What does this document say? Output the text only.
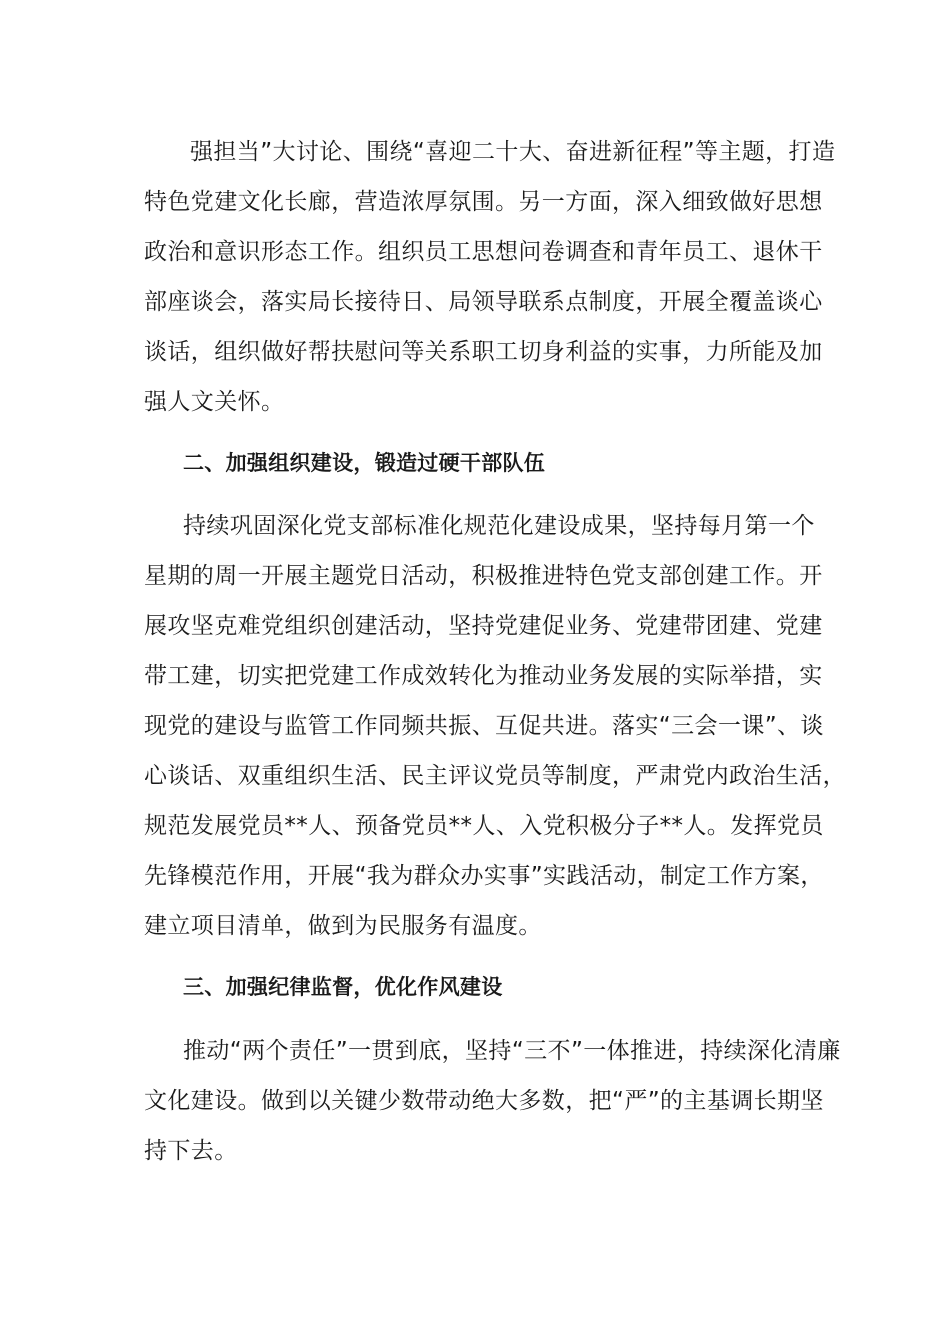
强担当”大讨论、围绕“喜迎二十大、奋进新征程”等主题，打造
特色党建文化长廊，营造浓厚氛围。另一方面，深入细致做好思想
政治和意识形态工作。组织员工思想问卷调查和青年员工、退休干
部座谈会，落实局长接待日、局领导联系点制度，开展全覆盖谈心
谈话，组织做好帮扶慰问等关系职工切身利益的实事，力所能及加
强人文关怀。
二、加强组织建设，锻造过硬干部队伍
持续巩固深化党支部标准化规范化建设成果，坚持每月第一个
星期的周一开展主题党日活动，积极推进特色党支部创建工作。开
展攻坚克难党组织创建活动，坚持党建促业务、党建带团建、党建
带工建，切实把党建工作成效转化为推动业务发展的实际举措，实
现党的建设与监管工作同频共振、互促共进。落实“三会一课”、谈
心谈话、双重组织生活、民主评议党员等制度，严肃党内政治生活，
规范发展党员**人、预备党员**人、入党积极分子**人。发挥党员
先锋模范作用，开展“我为群众办实事”实践活动，制定工作方案，
建立项目清单，做到为民服务有温度。
三、加强纪律监督，优化作风建设
推动“两个责任”一贯到底，坚持“三不”一体推进，持续深化清廉
文化建设。做到以关键少数带动绝大多数，把“严”的主基调长期坚
持下去。
